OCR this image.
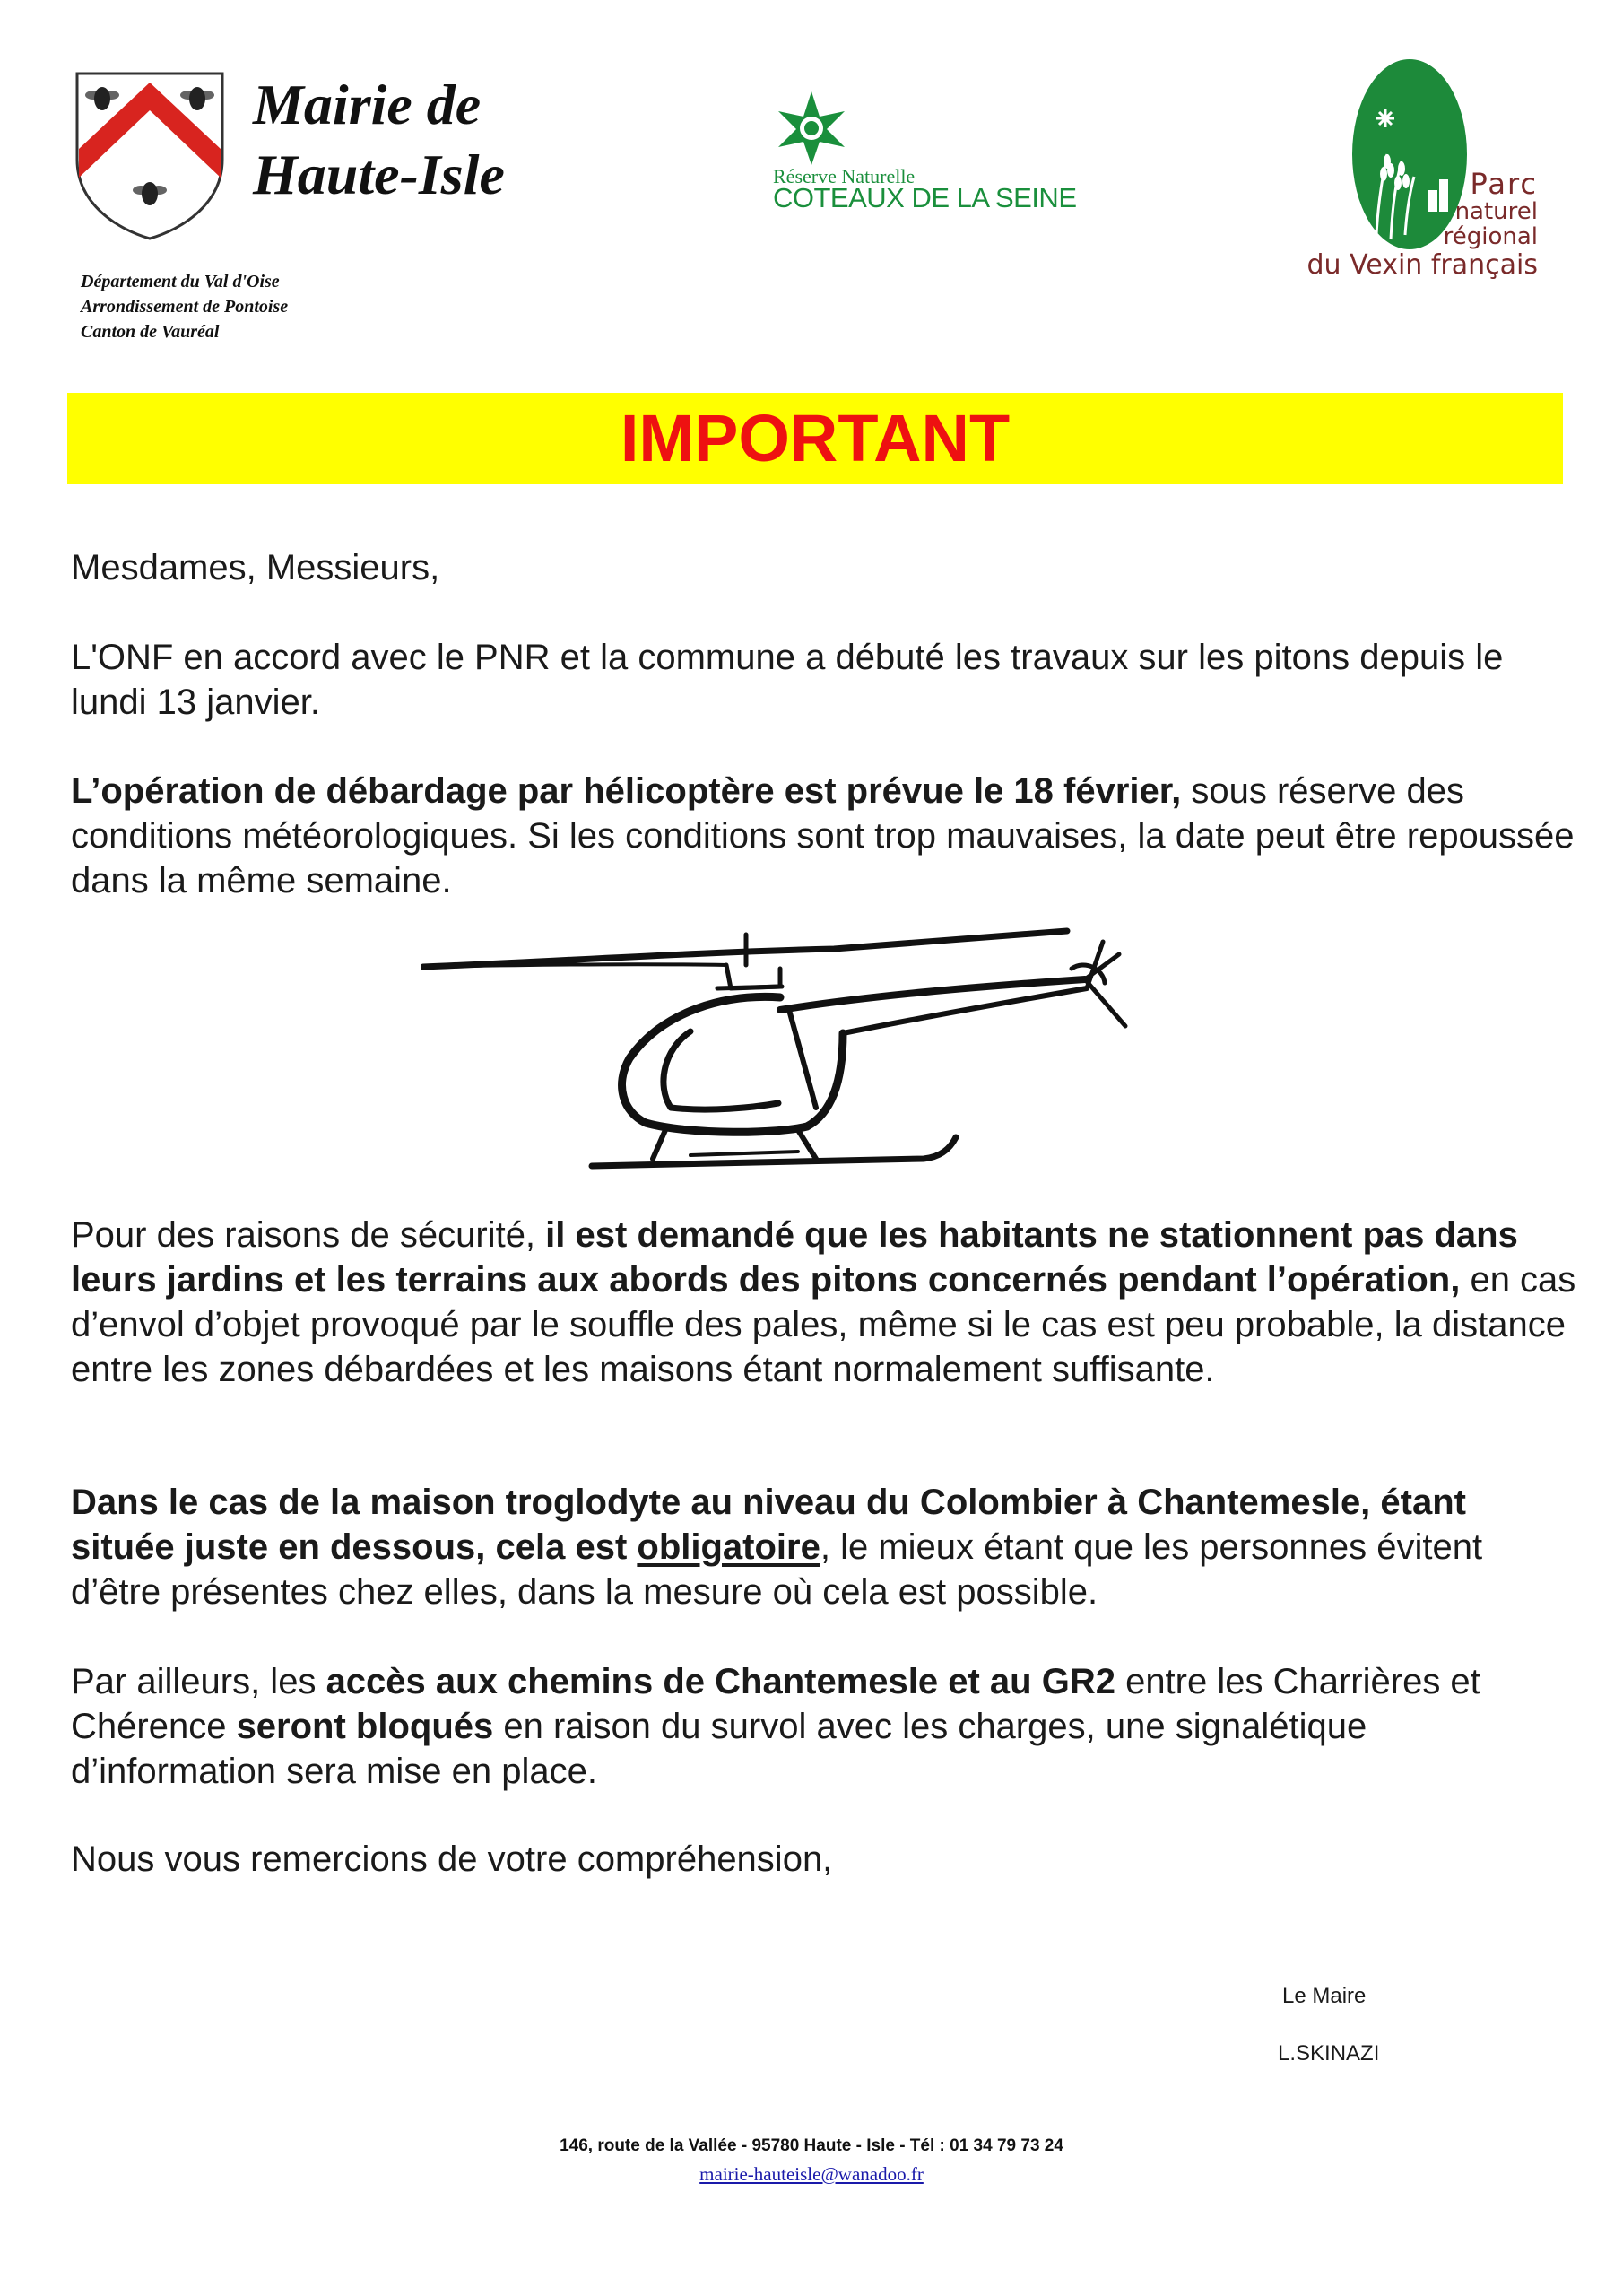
Mairie de
Haute-Isle
Département du Val d'Oise
Arrondissement de Pontoise
Canton de Vauréal
Réserve Naturelle
COTEAUX DE LA SEINE	Parc
naturel
régional
du Vexin français
IMPORTANT
Mesdames, Messieurs,
L'ONF en accord avec le PNR et la commune a débuté les travaux sur les pitons depuis le lundi 13 janvier.
L’opération de débardage par hélicoptère est prévue le 18 février, sous réserve des conditions météorologiques. Si les conditions sont trop mauvaises, la date peut être repoussée dans la même semaine.
Pour des raisons de sécurité, il est demandé que les habitants ne stationnent pas dans leurs jardins et les terrains aux abords des pitons concernés pendant l’opération, en cas d’envol d’objet provoqué par le souffle des pales, même si le cas est peu probable, la distance entre les zones débardées et les maisons étant normalement suffisante.
Dans le cas de la maison troglodyte au niveau du Colombier à Chantemesle, étant située juste en dessous, cela est obligatoire, le mieux étant que les personnes évitent d’être présentes chez elles, dans la mesure où cela est possible.
Par ailleurs, les accès aux chemins de Chantemesle et au GR2 entre les Charrières et Chérence seront bloqués en raison du survol avec les charges, une signalétique d’information sera mise en place.
Nous vous remercions de votre compréhension,
Le Maire
L.SKINAZI
146, route de la Vallée - 95780 Haute - Isle - Tél : 01 34 79 73 24
mairie-hauteisle@wanadoo.fr
